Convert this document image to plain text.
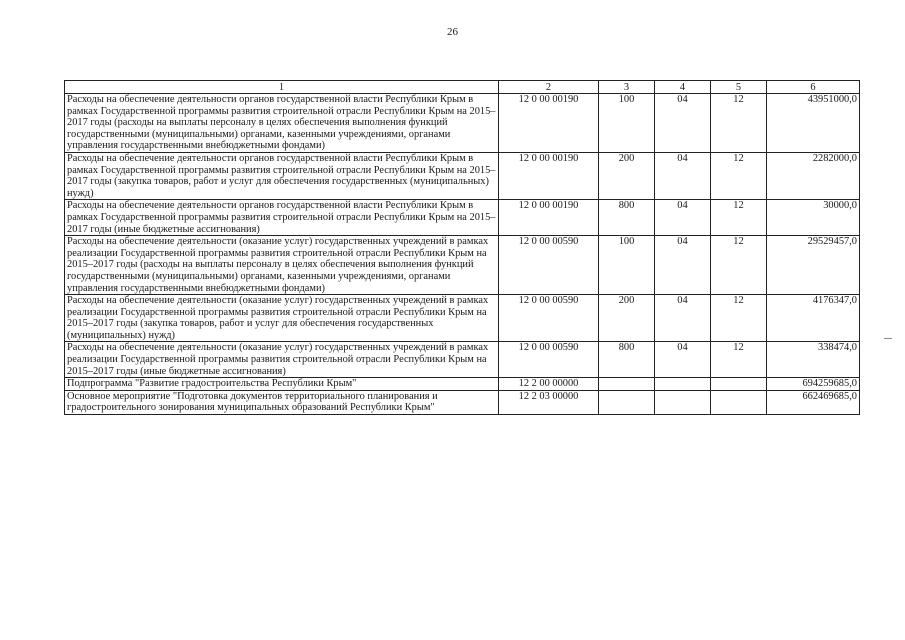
26
1	2	3	4	5	6
Расходы на обеспечение деятельности органов государственной власти Республики Крым в рамках Государственной программы развития строительной отрасли Республики Крым на 2015–2017 годы (расходы на выплаты персоналу в целях обеспечения выполнения функций государственными (муниципальными) органами, казенными учреждениями, органами управления государственными внебюджетными фондами)	12 0 00 00190	100	04	12	43951000,0
Расходы на обеспечение деятельности органов государственной власти Республики Крым в рамках Государственной программы развития строительной отрасли Республики Крым на 2015–2017 годы (закупка товаров, работ и услуг для обеспечения государственных (муниципальных) нужд)	12 0 00 00190	200	04	12	2282000,0
Расходы на обеспечение деятельности органов государственной власти Республики Крым в рамках Государственной программы развития строительной отрасли Республики Крым на 2015–2017 годы (иные бюджетные ассигнования)	12 0 00 00190	800	04	12	30000,0
Расходы на обеспечение деятельности (оказание услуг) государственных учреждений в рамках реализации Государственной программы развития строительной отрасли Республики Крым на 2015–2017 годы (расходы на выплаты персоналу в целях обеспечения выполнения функций государственными (муниципальными) органами, казенными учреждениями, органами управления государственными внебюджетными фондами)	12 0 00 00590	100	04	12	29529457,0
Расходы на обеспечение деятельности (оказание услуг) государственных учреждений в рамках реализации Государственной программы развития строительной отрасли Республики Крым на 2015–2017 годы (закупка товаров, работ и услуг для обеспечения государственных (муниципальных) нужд)	12 0 00 00590	200	04	12	4176347,0
Расходы на обеспечение деятельности (оказание услуг) государственных учреждений в рамках реализации Государственной программы развития строительной отрасли Республики Крым на 2015–2017 годы (иные бюджетные ассигнования)	12 0 00 00590	800	04	12	338474,0
Подпрограмма "Развитие градостроительства Республики Крым"	12 2 00 00000				694259685,0
Основное мероприятие "Подготовка документов территориального планирования и градостроительного зонирования муниципальных образований Республики Крым"	12 2 03 00000				662469685,0
